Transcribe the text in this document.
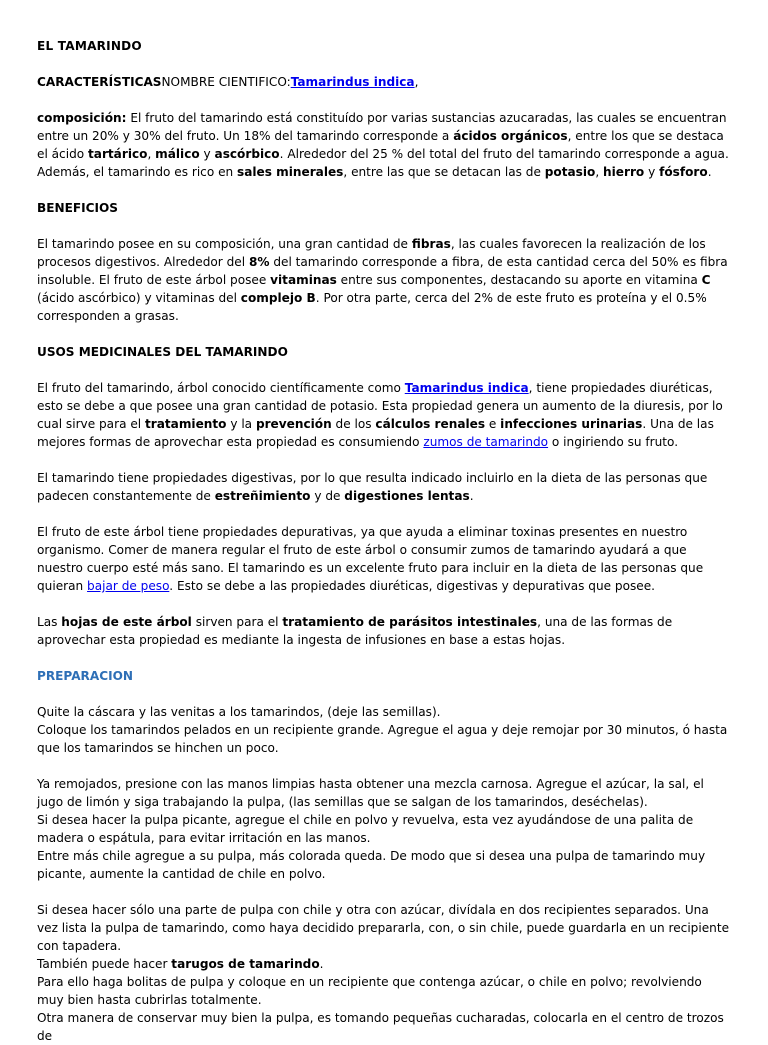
EL TAMARINDO

CARACTERÍSTICASNOMBRE CIENTIFICO:Tamarindus indica,

composición: El fruto del tamarindo está constituído por varias sustancias azucaradas, las cuales se encuentran entre un 20% y 30% del fruto. Un 18% del tamarindo corresponde a ácidos orgánicos, entre los que se destaca el ácido tartárico, málico y ascórbico. Alrededor del 25 % del total del fruto del tamarindo corresponde a agua. Además, el tamarindo es rico en sales minerales, entre las que se detacan las de potasio, hierro y fósforo.

BENEFICIOS

El tamarindo posee en su composición, una gran cantidad de fibras, las cuales favorecen la realización de los procesos digestivos. Alrededor del 8% del tamarindo corresponde a fibra, de esta cantidad cerca del 50% es fibra insoluble. El fruto de este árbol posee vitaminas entre sus componentes, destacando su aporte en vitamina C (ácido ascórbico) y vitaminas del complejo B. Por otra parte, cerca del 2% de este fruto es proteína y el 0.5% corresponden a grasas.

USOS MEDICINALES DEL TAMARINDO

El fruto del tamarindo, árbol conocido científicamente como Tamarindus indica, tiene propiedades diuréticas, esto se debe a que posee una gran cantidad de potasio. Esta propiedad genera un aumento de la diuresis, por lo cual sirve para el tratamiento y la prevención de los cálculos renales e infecciones urinarias. Una de las mejores formas de aprovechar esta propiedad es consumiendo zumos de tamarindo o ingiriendo su fruto.

El tamarindo tiene propiedades digestivas, por lo que resulta indicado incluirlo en la dieta de las personas que padecen constantemente de estreñimiento y de digestiones lentas.

El fruto de este árbol tiene propiedades depurativas, ya que ayuda a eliminar toxinas presentes en nuestro organismo. Comer de manera regular el fruto de este árbol o consumir zumos de tamarindo ayudará a que nuestro cuerpo esté más sano. El tamarindo es un excelente fruto para incluir en la dieta de las personas que quieran bajar de peso. Esto se debe a las propiedades diuréticas, digestivas y depurativas que posee.

Las hojas de este árbol sirven para el tratamiento de parásitos intestinales, una de las formas de aprovechar esta propiedad es mediante la ingesta de infusiones en base a estas hojas.

PREPARACION

Quite la cáscara y las venitas a los tamarindos, (deje las semillas).

Coloque los tamarindos pelados en un recipiente grande. Agregue el agua y deje remojar por 30 minutos, ó hasta que los tamarindos se hinchen un poco.

Ya remojados, presione con las manos limpias hasta obtener una mezcla carnosa. Agregue el azúcar, la sal, el jugo de limón y siga trabajando la pulpa, (las semillas que se salgan de los tamarindos, deséchelas).

Si desea hacer la pulpa picante, agregue el chile en polvo y revuelva, esta vez ayudándose de una palita de madera o espátula, para evitar irritación en las manos.

Entre más chile agregue a su pulpa, más colorada queda. De modo que si desea una pulpa de tamarindo muy picante, aumente la cantidad de chile en polvo.

Si desea hacer sólo una parte de pulpa con chile y otra con azúcar, divídala en dos recipientes separados. Una vez lista la pulpa de tamarindo, como haya decidido prepararla, con, o sin chile, puede guardarla en un recipiente con tapadera.

También puede hacer tarugos de tamarindo.

Para ello haga bolitas de pulpa y coloque en un recipiente que contenga azúcar, o chile en polvo; revolviendo muy bien hasta cubrirlas totalmente.

Otra manera de conservar muy bien la pulpa, es tomando pequeñas cucharadas, colocarla en el centro de trozos de
